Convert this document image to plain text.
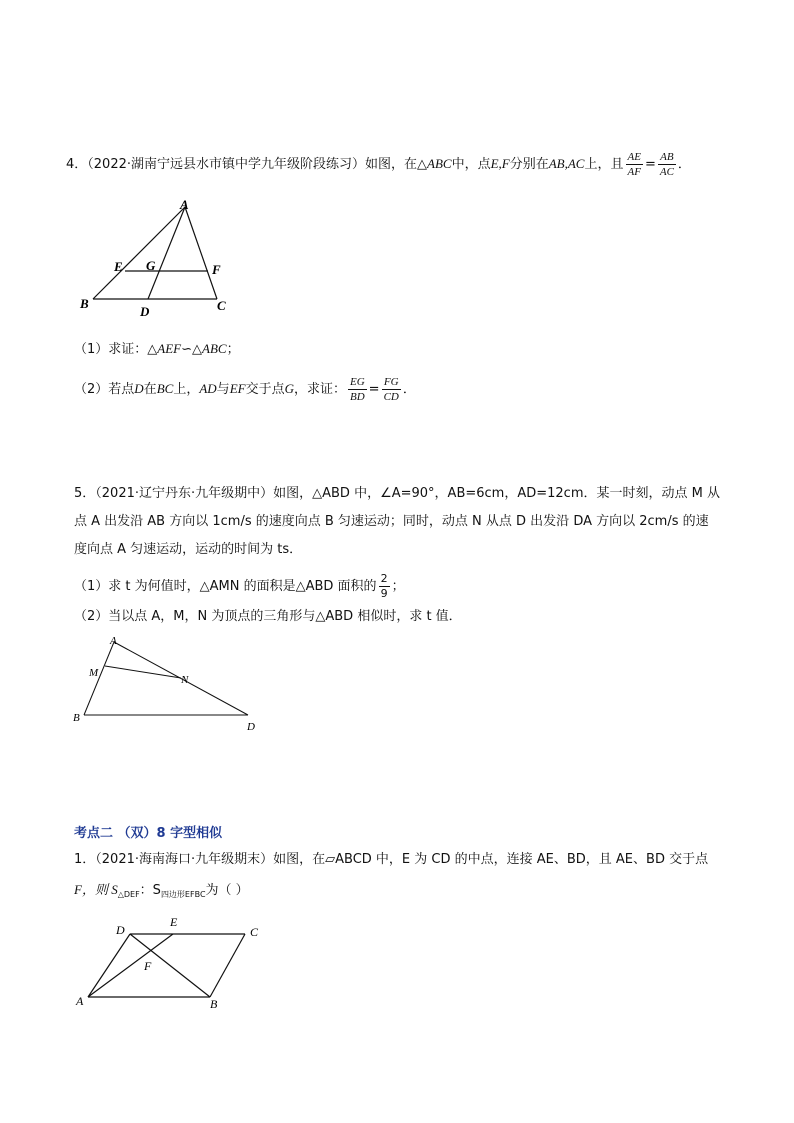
4．（2022·湖南宁远县水市镇中学九年级阶段练习）如图，在△ABC中，点E,F分别在AB,AC上，且 $\frac{AE}{AF} = \frac{AB}{AC}$ ．
A
E G	F
B
D	C
（1）求证：△AEF∽△ABC；
（2）若点D在BC上，AD与EF交于点G，求证： $\frac{EG}{BD} = \frac{FG}{CD}$ ．
5．（2021·辽宁丹东·九年级期中）如图，△ABD 中，∠A=90°，AB=6cm，AD=12cm．某一时刻，动点 M 从
点 A 出发沿 AB 方向以 1cm/s 的速度向点 B 匀速运动；同时，动点 N 从点 D 出发沿 DA 方向以 2cm/s 的速
度向点 A 匀速运动，运动的时间为 ts．
（1）求 t 为何值时，△AMN 的面积是△ABD 面积的 $\frac{2}{9}$ ；
（2）当以点 A，M，N 为顶点的三角形与△ABD 相似时，求 t 值．
A
M
N
B
D
考点二 （双）8 字型相似
1．（2021·海南海口·九年级期末）如图，在▱ABCD 中，E 为 CD 的中点，连接 AE、BD，且 AE、BD 交于点
F，则 $S_{\triangle DEF}$：$S_{四边形EFBC}$为（ ）
D
E
C
F
A	B
